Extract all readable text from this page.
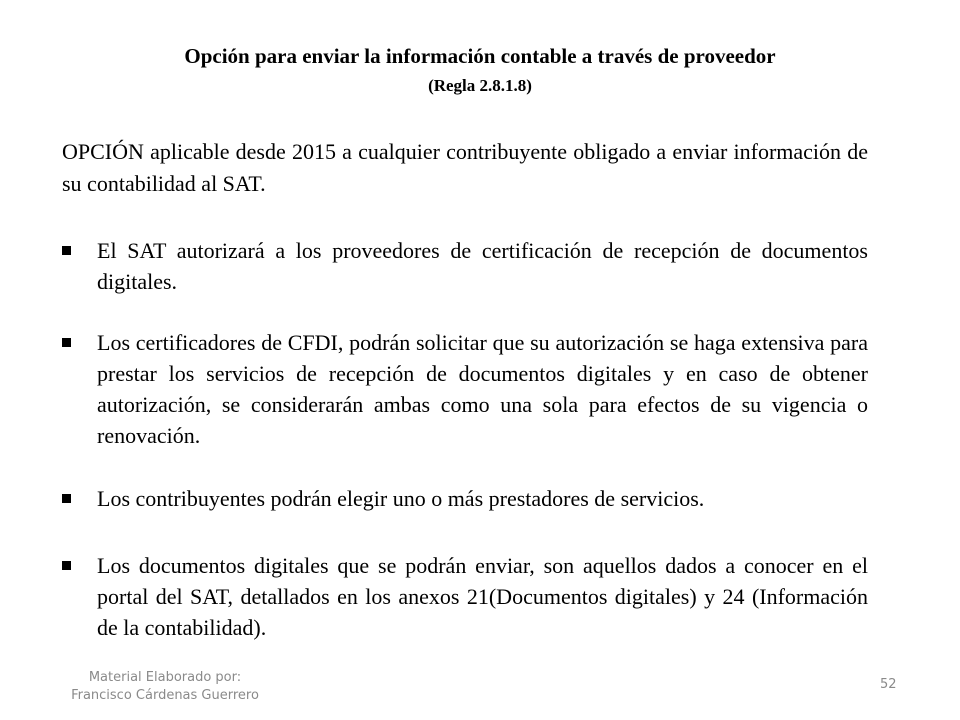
Opción para enviar la información contable a través de proveedor
(Regla 2.8.1.8)
OPCIÓN aplicable desde 2015 a cualquier contribuyente obligado a enviar información de su contabilidad al SAT.
El SAT autorizará a los proveedores de certificación de recepción de documentos digitales.
Los certificadores de CFDI, podrán solicitar que su autorización se haga extensiva para prestar los servicios de recepción de documentos digitales y en caso de obtener autorización, se considerarán ambas como una sola para efectos de su vigencia o renovación.
Los contribuyentes podrán elegir uno o más prestadores de servicios.
Los documentos digitales que se podrán enviar, son aquellos dados a conocer en el portal del SAT, detallados en los anexos 21(Documentos digitales) y 24 (Información de la contabilidad).
Material Elaborado por:
Francisco Cárdenas Guerrero
52
